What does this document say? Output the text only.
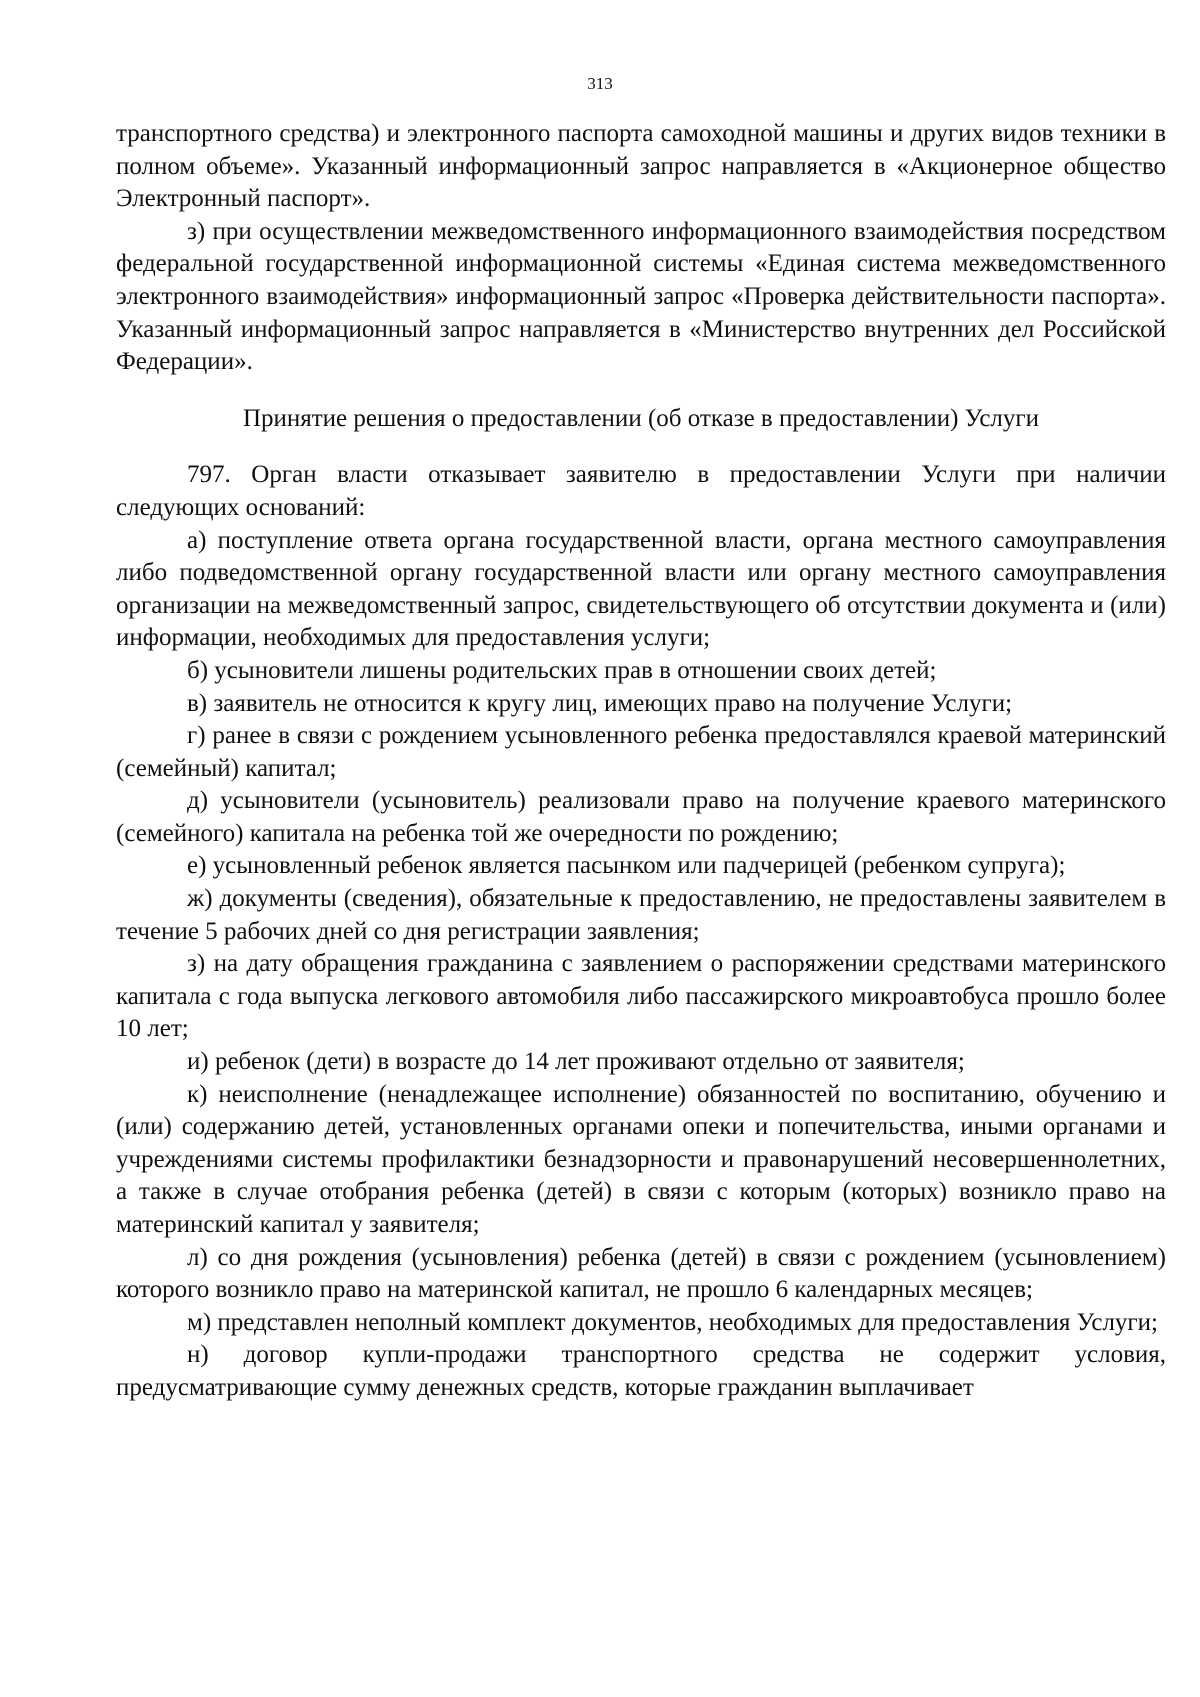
313

транспортного средства) и электронного паспорта самоходной машины и других видов техники в полном объеме». Указанный информационный запрос направляется в «Акционерное общество Электронный паспорт».

з) при осуществлении межведомственного информационного взаимодействия посредством федеральной государственной информационной системы «Единая система межведомственного электронного взаимодействия» информационный запрос «Проверка действительности паспорта». Указанный информационный запрос направляется в «Министерство внутренних дел Российской Федерации».

Принятие решения о предоставлении (об отказе в предоставлении) Услуги

797. Орган власти отказывает заявителю в предоставлении Услуги при наличии следующих оснований:

а) поступление ответа органа государственной власти, органа местного самоуправления либо подведомственной органу государственной власти или органу местного самоуправления организации на межведомственный запрос, свидетельствующего об отсутствии документа и (или) информации, необходимых для предоставления услуги;

б) усыновители лишены родительских прав в отношении своих детей;

в) заявитель не относится к кругу лиц, имеющих право на получение Услуги;

г) ранее в связи с рождением усыновленного ребенка предоставлялся краевой материнский (семейный) капитал;

д) усыновители (усыновитель) реализовали право на получение краевого материнского (семейного) капитала на ребенка той же очередности по рождению;

е) усыновленный ребенок является пасынком или падчерицей (ребенком супруга);

ж) документы (сведения), обязательные к предоставлению, не предоставлены заявителем в течение 5 рабочих дней со дня регистрации заявления;

з) на дату обращения гражданина с заявлением о распоряжении средствами материнского капитала с года выпуска легкового автомобиля либо пассажирского микроавтобуса прошло более 10 лет;

и) ребенок (дети) в возрасте до 14 лет проживают отдельно от заявителя;

к) неисполнение (ненадлежащее исполнение) обязанностей по воспитанию, обучению и (или) содержанию детей, установленных органами опеки и попечительства, иными органами и учреждениями системы профилактики безнадзорности и правонарушений несовершеннолетних, а также в случае отобрания ребенка (детей) в связи с которым (которых) возникло право на материнский капитал у заявителя;

л) со дня рождения (усыновления) ребенка (детей) в связи с рождением (усыновлением) которого возникло право на материнской капитал, не прошло 6 календарных месяцев;

м) представлен неполный комплект документов, необходимых для предоставления Услуги;

н) договор купли-продажи транспортного средства не содержит условия, предусматривающие сумму денежных средств, которые гражданин выплачивает
